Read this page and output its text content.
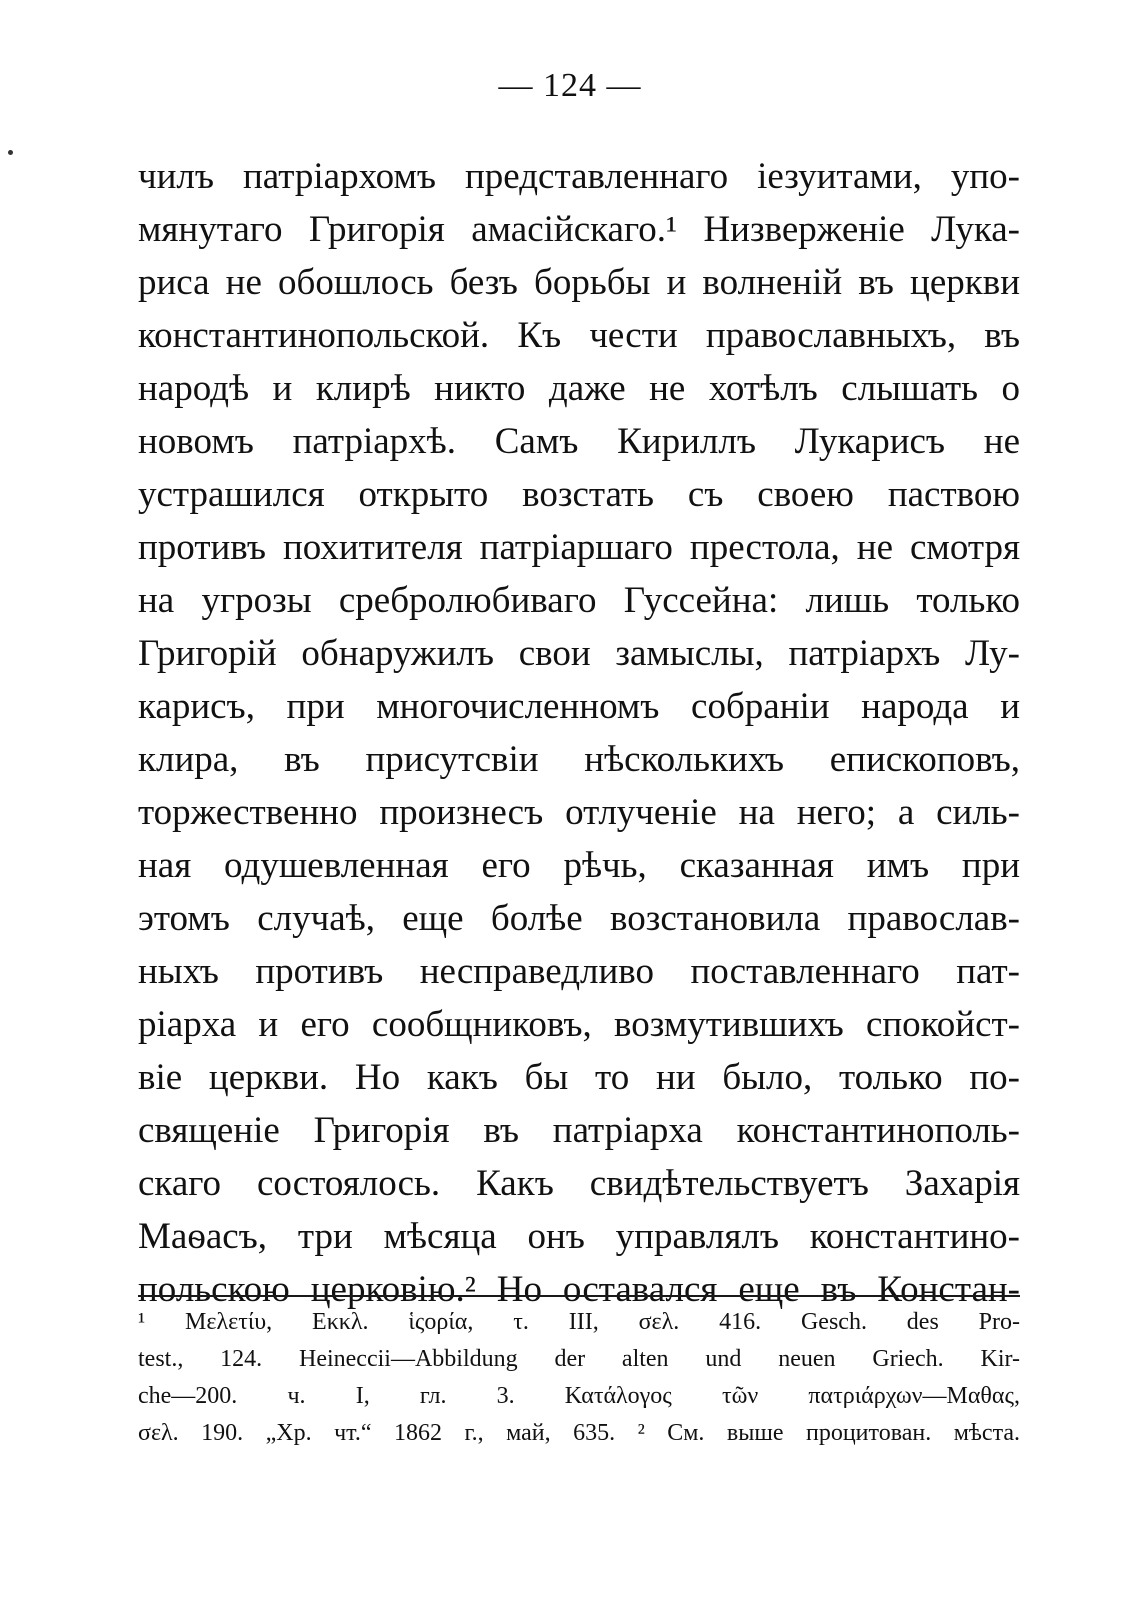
— 124 —
чилъ патріархомъ представленнаго іезуитами, упо-
мянутаго Григорія амасійскаго.¹ Низверженіе Лука-
риса не обошлось безъ борьбы и волненій въ церкви
константинопольской. Къ чести православныхъ, въ
народѣ и клирѣ никто даже не хотѣлъ слышать о
новомъ патріархѣ. Самъ Кириллъ Лукарисъ не
устрашился открыто возстать съ своею паствою
противъ похитителя патріаршаго престола, не смотря
на угрозы сребролюбиваго Гуссейна: лишь только
Григорій обнаружилъ свои замыслы, патріархъ Лу-
карисъ, при многочисленномъ собраніи народа и
клира, въ присутсвіи нѣсколькихъ епископовъ,
торжественно произнесъ отлученіе на него; а силь-
ная одушевленная его рѣчь, сказанная имъ при
этомъ случаѣ, еще болѣе возстановила православ-
ныхъ противъ несправедливо поставленнаго пат-
ріарха и его сообщниковъ, возмутившихъ спокойст-
віе церкви. Но какъ бы то ни было, только по-
священіе Григорія въ патріарха константинополь-
скаго состоялось. Какъ свидѣтельствуетъ Захарія
Маѳасъ, три мѣсяца онъ управлялъ константино-
польскою церковію.² Но оставался еще въ Констан-
¹ Μελετίυ, Εκκλ. ἱςορία, τ. III, σελ. 416. Gesch. des Pro-
test., 124. Heineccii—Abbildung der alten und neuen Griech. Kir-
che—200. ч. I, гл. 3. Κατάλογος τῶν πατριάρχων—Μαθας,
σελ. 190. „Хр. чт.“ 1862 г., май, 635. ² См. выше процитован. мѣста.
